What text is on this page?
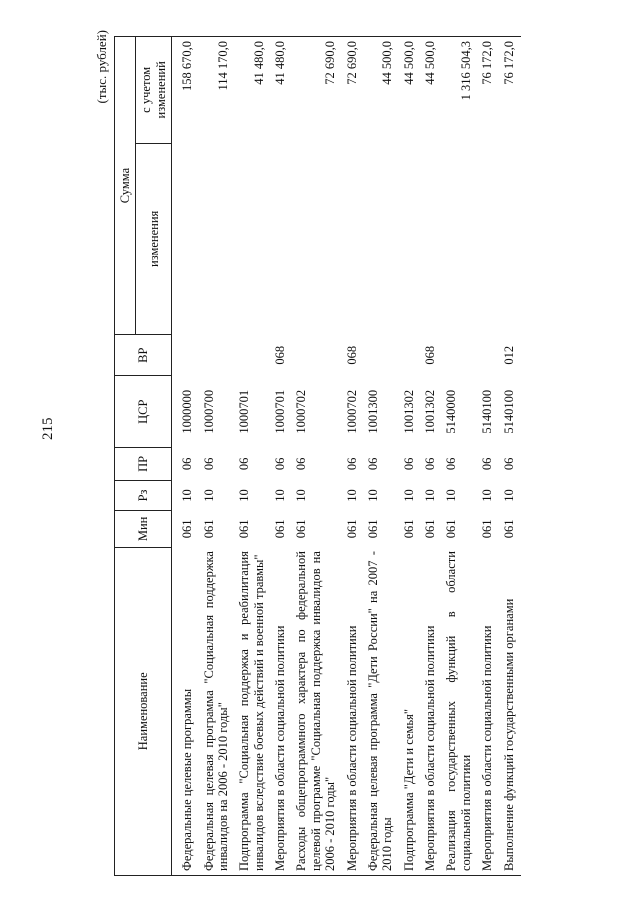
215
(тыс. рублей)
Наименование	Мин	Рз	ПР	ЦСР	ВР	Сумма	
						изменения	с учетом изменений
Федеральные целевые программы	061	10	06	1000000			158 670,0
Федеральная целевая программа "Социальная поддержка инвалидов на 2006 - 2010 годы"	061	10	06	1000700			114 170,0
Подпрограмма "Социальная поддержка и реабилитация инвалидов вследствие боевых действий и военной травмы"	061	10	06	1000701			41 480,0
Мероприятия в области социальной политики	061	10	06	1000701	068		41 480,0
Расходы общепрограммного характера по федеральной целевой программе "Социальная поддержка инвалидов на 2006 - 2010 годы"	061	10	06	1000702			72 690,0
Мероприятия в области социальной политики	061	10	06	1000702	068		72 690,0
Федеральная целевая программа "Дети России" на 2007 - 2010 годы	061	10	06	1001300			44 500,0
Подпрограмма "Дети и семья"	061	10	06	1001302			44 500,0
Мероприятия в области социальной политики	061	10	06	1001302	068		44 500,0
Реализация государственных функций в области социальной политики	061	10	06	5140000			1 316 504,3
Мероприятия в области социальной политики	061	10	06	5140100			76 172,0
Выполнение функций государственными органами	061	10	06	5140100	012		76 172,0
